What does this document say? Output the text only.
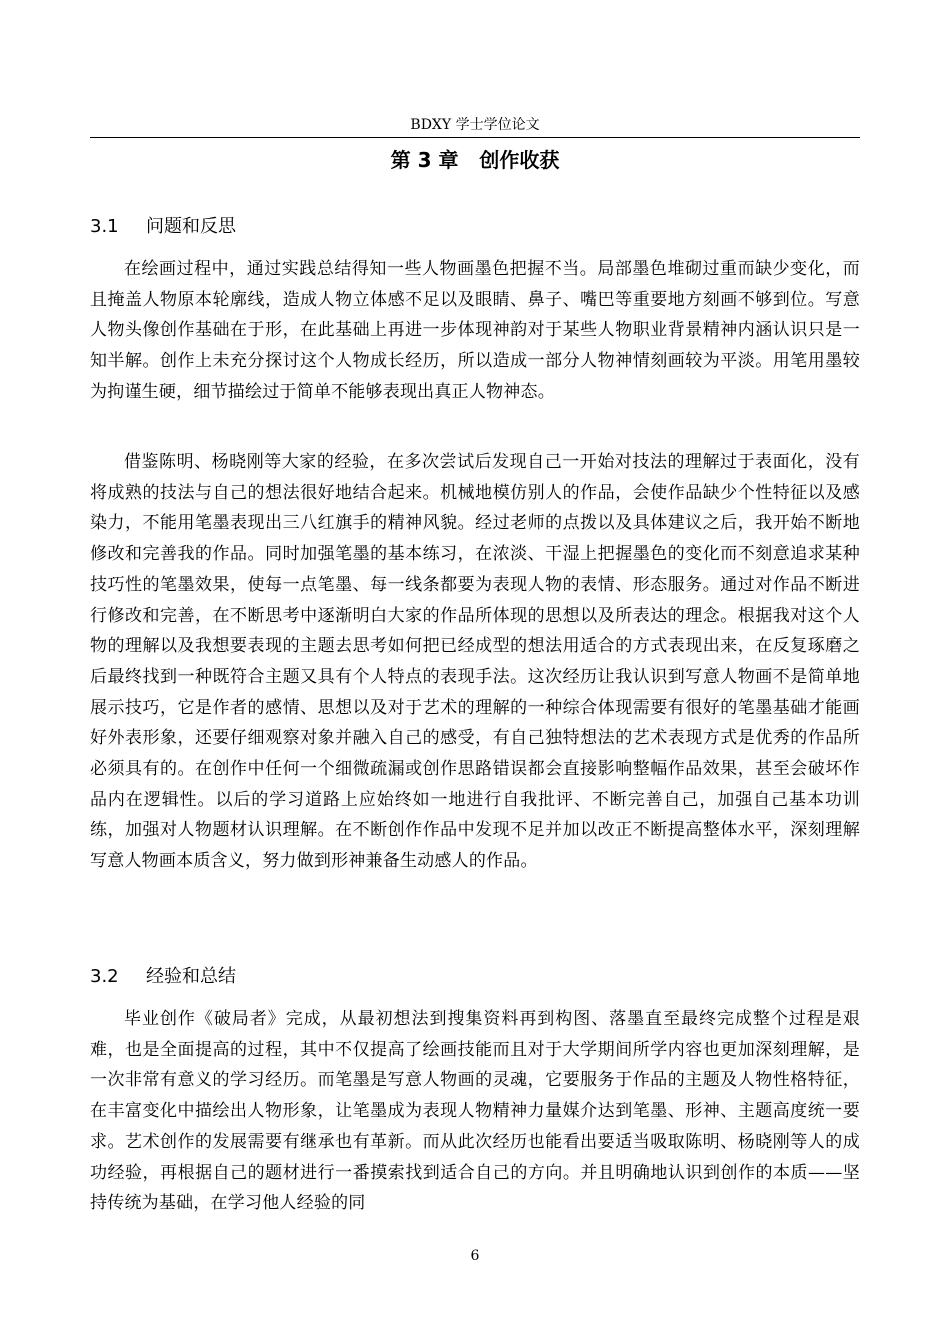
BDXY 学士学位论文
第 3 章   创作收获
3.1 问题和反思

在绘画过程中，通过实践总结得知一些人物画墨色把握不当。局部墨色堆砌过重而缺少变化，而且掩盖人物原本轮廓线，造成人物立体感不足以及眼睛、鼻子、嘴巴等重要地方刻画不够到位。写意人物头像创作基础在于形，在此基础上再进一步体现神韵对于某些人物职业背景精神内涵认识只是一知半解。创作上未充分探讨这个人物成长经历，所以造成一部分人物神情刻画较为平淡。用笔用墨较为拘谨生硬，细节描绘过于简单不能够表现出真正人物神态。

借鉴陈明、杨晓刚等大家的经验，在多次尝试后发现自己一开始对技法的理解过于表面化，没有将成熟的技法与自己的想法很好地结合起来。机械地模仿别人的作品，会使作品缺少个性特征以及感染力，不能用笔墨表现出三八红旗手的精神风貌。经过老师的点拨以及具体建议之后，我开始不断地修改和完善我的作品。同时加强笔墨的基本练习，在浓淡、干湿上把握墨色的变化而不刻意追求某种技巧性的笔墨效果，使每一点笔墨、每一线条都要为表现人物的表情、形态服务。通过对作品不断进行修改和完善，在不断思考中逐渐明白大家的作品所体现的思想以及所表达的理念。根据我对这个人物的理解以及我想要表现的主题去思考如何把已经成型的想法用适合的方式表现出来，在反复琢磨之后最终找到一种既符合主题又具有个人特点的表现手法。这次经历让我认识到写意人物画不是简单地展示技巧，它是作者的感情、思想以及对于艺术的理解的一种综合体现需要有很好的笔墨基础才能画好外表形象，还要仔细观察对象并融入自己的感受，有自己独特想法的艺术表现方式是优秀的作品所必须具有的。在创作中任何一个细微疏漏或创作思路错误都会直接影响整幅作品效果，甚至会破坏作品内在逻辑性。以后的学习道路上应始终如一地进行自我批评、不断完善自己，加强自己基本功训练，加强对人物题材认识理解。在不断创作作品中发现不足并加以改正不断提高整体水平，深刻理解写意人物画本质含义，努力做到形神兼备生动感人的作品。

3.2 经验和总结

毕业创作《破局者》完成，从最初想法到搜集资料再到构图、落墨直至最终完成整个过程是艰难，也是全面提高的过程，其中不仅提高了绘画技能而且对于大学期间所学内容也更加深刻理解，是一次非常有意义的学习经历。而笔墨是写意人物画的灵魂，它要服务于作品的主题及人物性格特征，在丰富变化中描绘出人物形象，让笔墨成为表现人物精神力量媒介达到笔墨、形神、主题高度统一要求。艺术创作的发展需要有继承也有革新。而从此次经历也能看出要适当吸取陈明、杨晓刚等人的成功经验，再根据自己的题材进行一番摸索找到适合自己的方向。并且明确地认识到创作的本质——坚持传统为基础，在学习他人经验的同

6
